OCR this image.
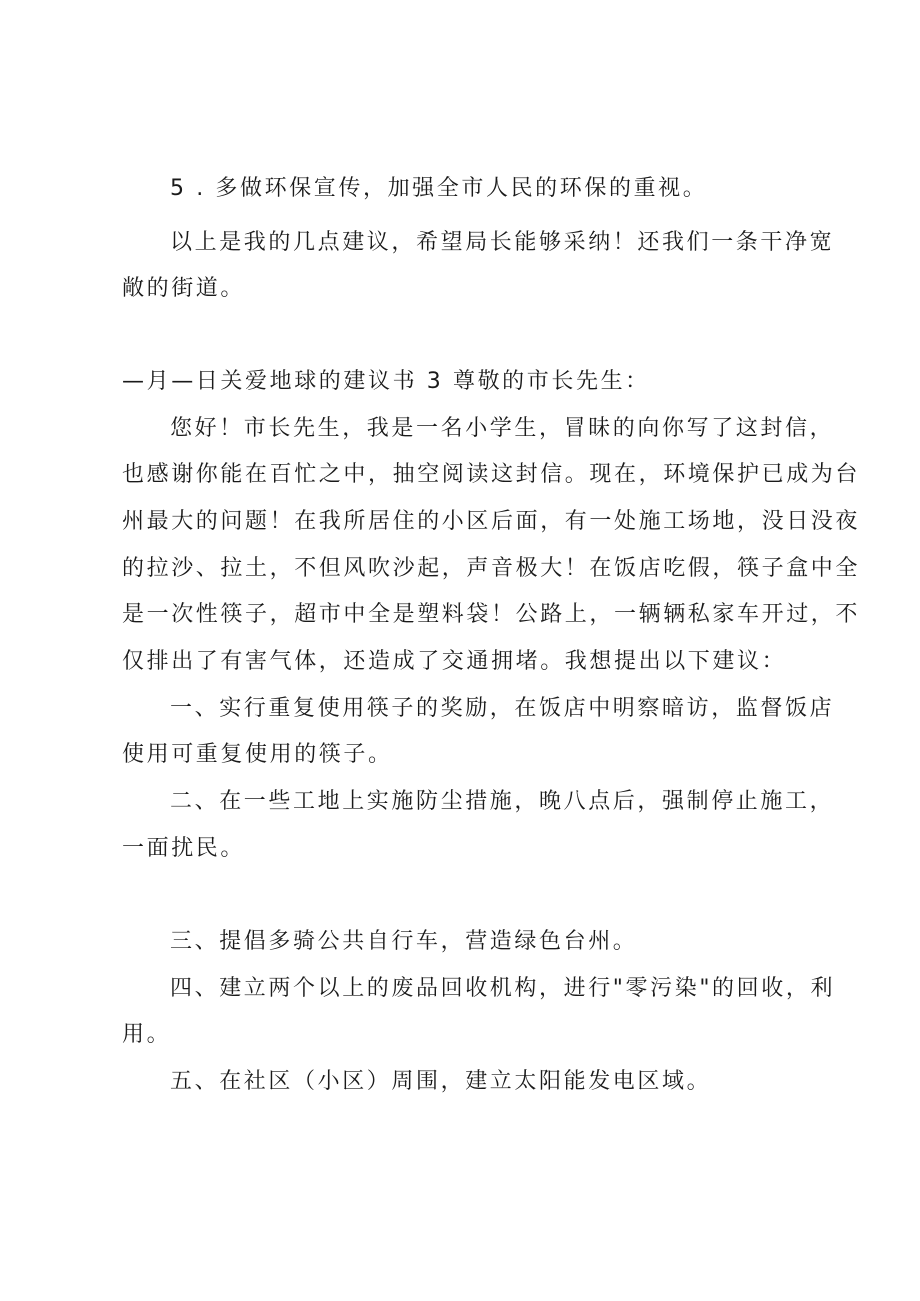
5 . 多做环保宣传，加强全市人民的环保的重视。
以上是我的几点建议，希望局长能够采纳！还我们一条干净宽
敞的街道。
—月—日关爱地球的建议书 3 尊敬的市长先生：
您好！市长先生，我是一名小学生，冒昧的向你写了这封信，
也感谢你能在百忙之中，抽空阅读这封信。现在，环境保护已成为台
州最大的问题！在我所居住的小区后面，有一处施工场地，没日没夜
的拉沙、拉土，不但风吹沙起，声音极大！在饭店吃假，筷子盒中全
是一次性筷子，超市中全是塑料袋！公路上，一辆辆私家车开过，不
仅排出了有害气体，还造成了交通拥堵。我想提出以下建议：
一、实行重复使用筷子的奖励，在饭店中明察暗访，监督饭店
使用可重复使用的筷子。
二、在一些工地上实施防尘措施，晚八点后，强制停止施工，
一面扰民。
三、提倡多骑公共自行车，营造绿色台州。
四、建立两个以上的废品回收机构，进行"零污染"的回收，利
用。
五、在社区（小区）周围，建立太阳能发电区域。
